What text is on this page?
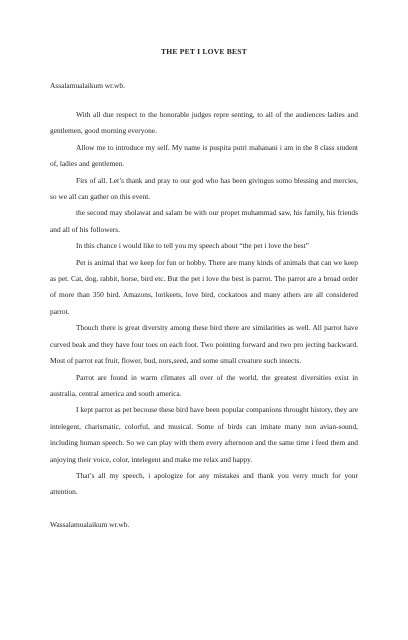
THE PET I LOVE BEST

Assalamualaikum wr.wb.

With all due respect to the honorable judges repre senting, to all of the audiences ladies and gentlemen, good morning everyone.

Allow me to introduce my self. My name is puspita putri mahanani i am in the 8 class student of, ladies and gentlemen.

Firs of all. Let’s thank and pray to our god who has been givingus somo blessing and mercies, so we all can gather on this event.

the second may sholawat and salam be with our propet muhammad saw, his family, his friends and all of his followers.

In this chance i would like to tell you my speech about “the pet i love the best”

Pet is animal that we keep for fun or hobby. There are many kinds of animals that can we keep as pet. Cat, dog, rabbit, horse, bird etc. But the pet i love the best is parrot. The parrot are a broad order of more than 350 bird. Amazons, lorikeets, love bird, cockatoos and many athers are all considered parrot.

Thouch there is great diversity among these bird there are similarities as well. All parrot have curved beak and they have four toes on each foot. Two pointing forward and two pro jecting backward. Most of parrot eat fruit, flower, bud, nors,seed, and some small creature such insects.

Parrot are found in warm climates all over of the world, the greatest diversities exist in australia, central america and south america.

I kept parrot as pet becouse these bird have been popular companions throught history, they are intelegent, charismatic, colorful, and musical. Some of birds can imitate many non avian-sound, including human speech. So we can play with them every afternoon and the same time i feed them and anjoying their voice, color, intelegent and make me relax and happy.

That’s all my speech, i apologize for any mistakes and thank you verry much for your attention.

Wassalamualaikum wr.wb.
